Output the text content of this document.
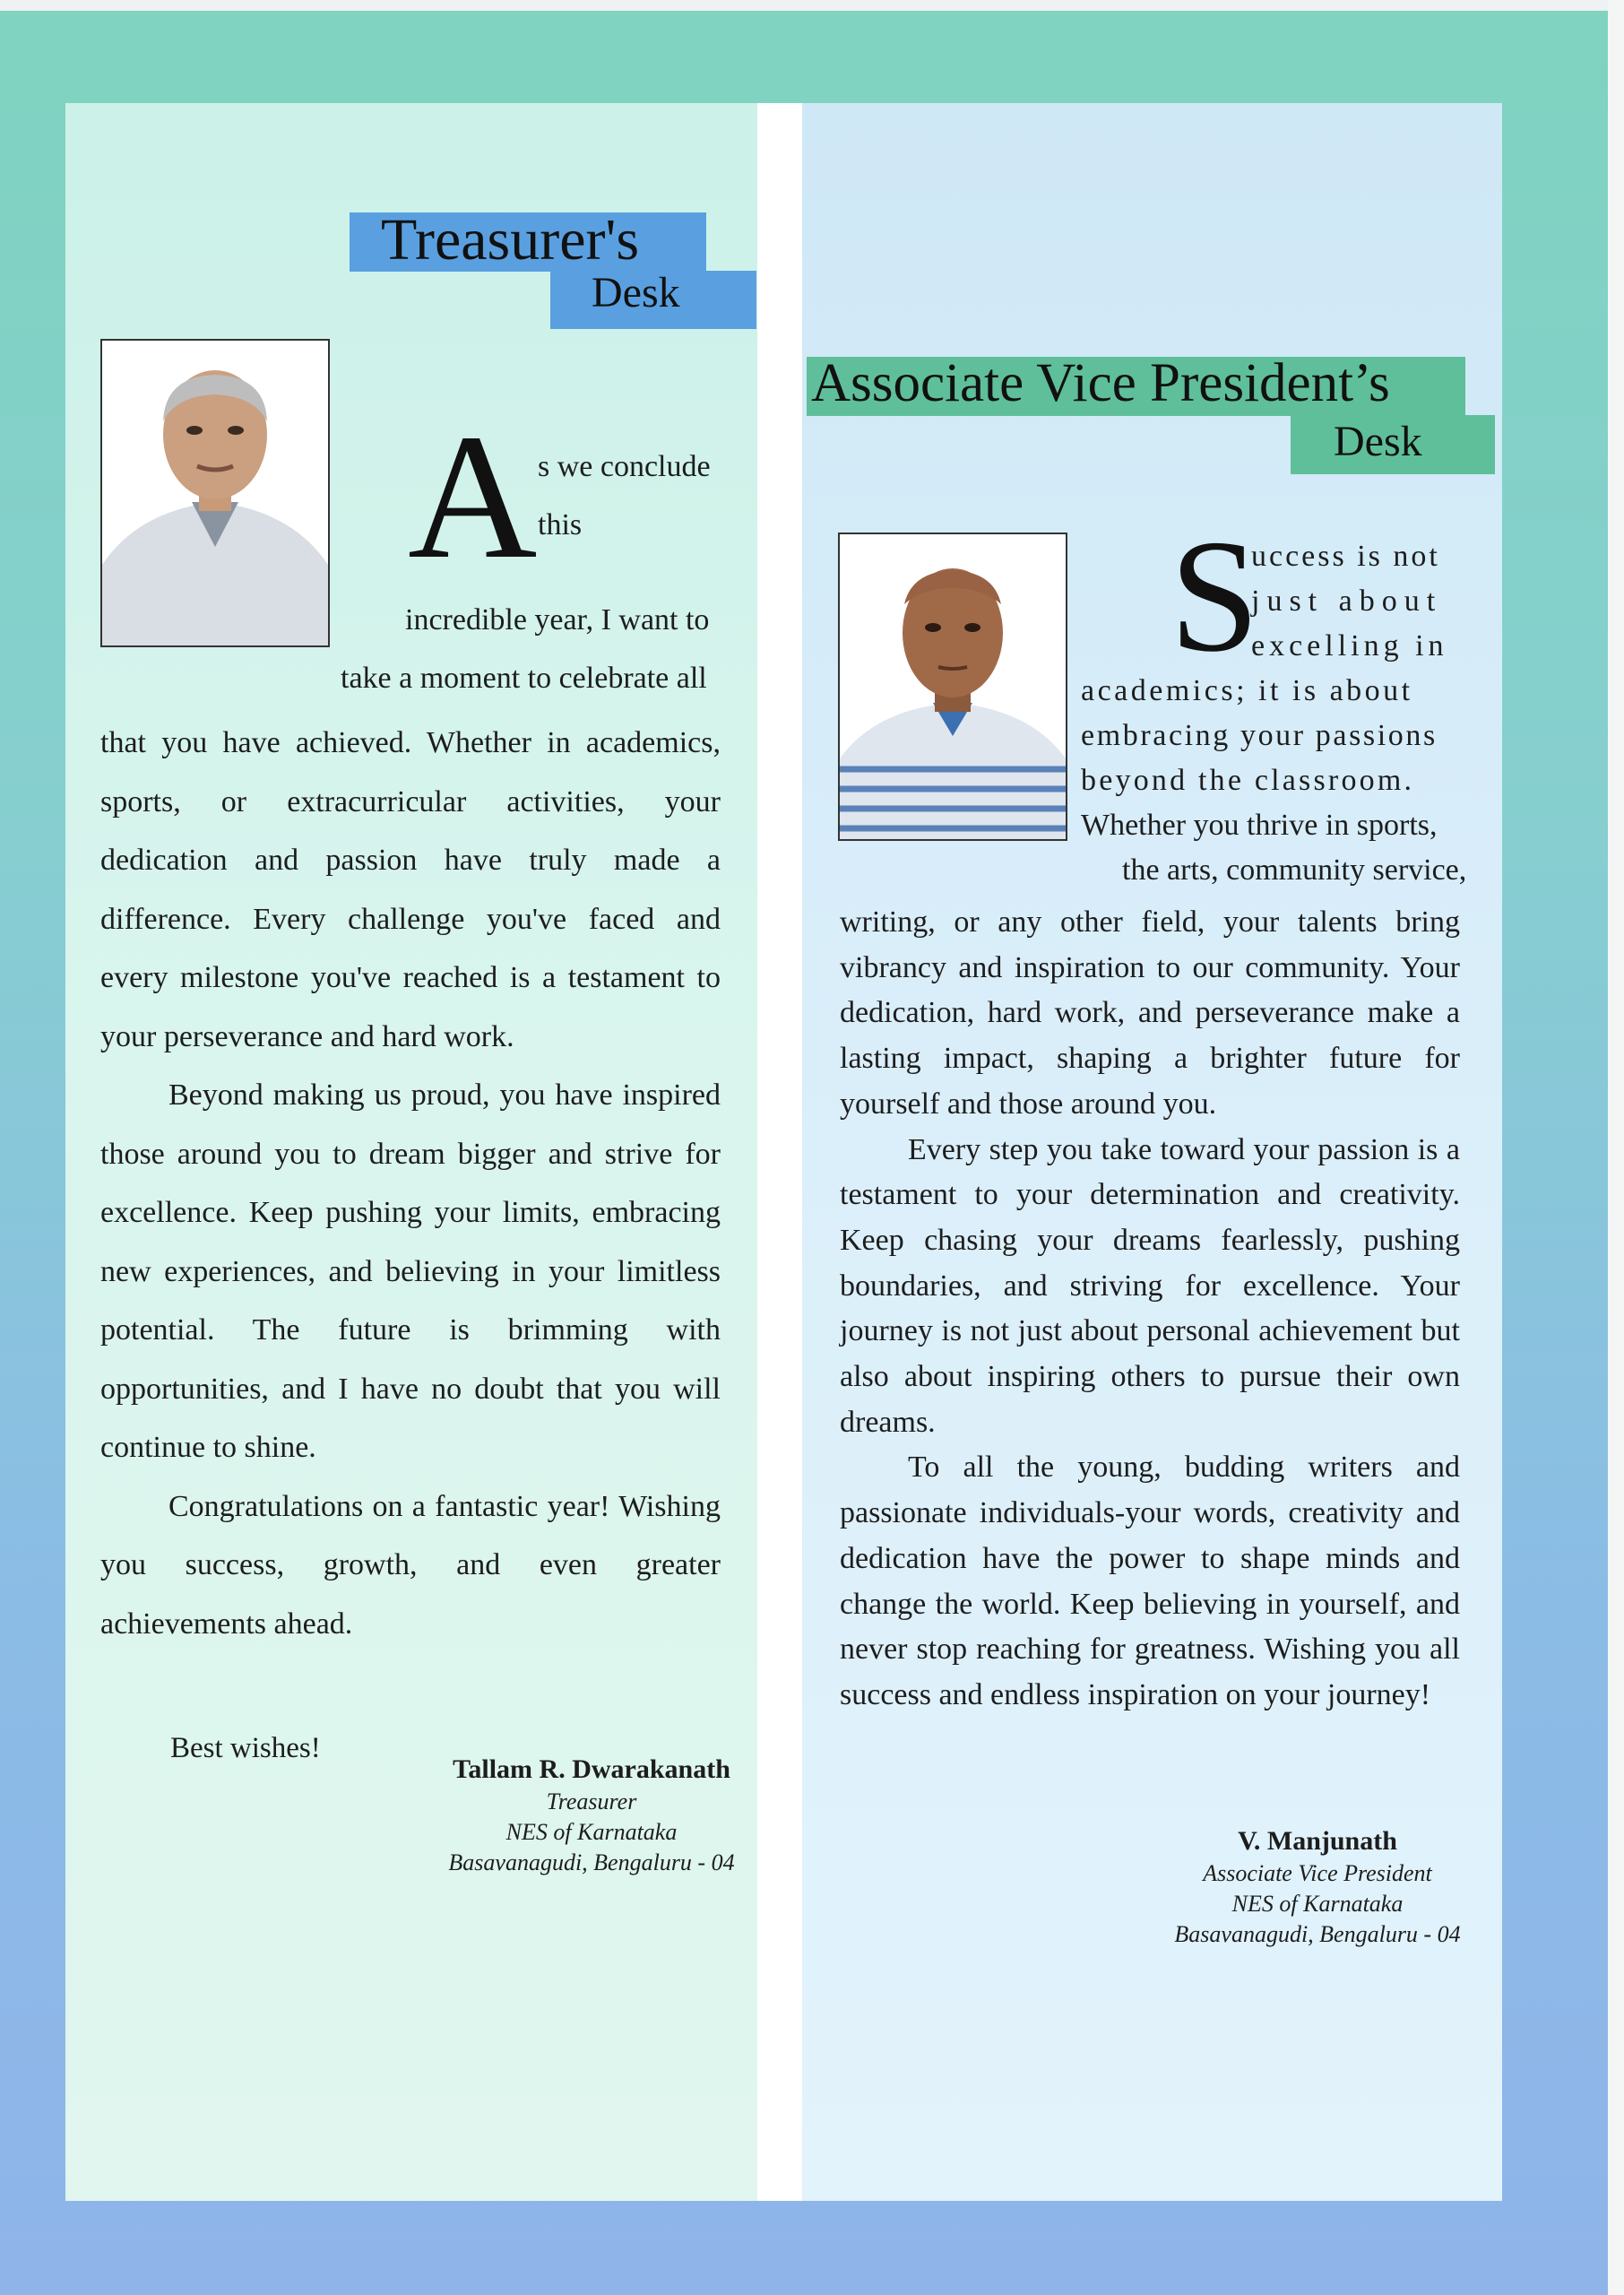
Treasurer's
Desk
A s we conclude
this
incredible year, I want to
take a moment to celebrate all

that you have achieved. Whether in academics, sports, or extracurricular activities, your dedication and passion have truly made a difference. Every challenge you've faced and every milestone you've reached is a testament to your perseverance and hard work.

Beyond making us proud, you have inspired those around you to dream bigger and strive for excellence. Keep pushing your limits, embracing new experiences, and believing in your limitless potential. The future is brimming with opportunities, and I have no doubt that you will continue to shine.

Congratulations on a fantastic year! Wishing you success, growth, and even greater achievements ahead.

Best wishes!
Tallam R. Dwarakanath
Treasurer
NES of Karnataka
Basavanagudi, Bengaluru - 04
Associate Vice President’s
Desk
S
uccess is not
just about
excelling in
academics; it is about
embracing your passions
beyond the classroom.
Whether you thrive in sports,
the arts, community service,

writing, or any other field, your talents bring vibrancy and inspiration to our community. Your dedication, hard work, and perseverance make a lasting impact, shaping a brighter future for yourself and those around you.

Every step you take toward your passion is a testament to your determination and creativity. Keep chasing your dreams fearlessly, pushing boundaries, and striving for excellence. Your journey is not just about personal achievement but also about inspiring others to pursue their own dreams.

To all the young, budding writers and passionate individuals-your words, creativity and dedication have the power to shape minds and change the world. Keep believing in yourself, and never stop reaching for greatness. Wishing you all success and endless inspiration on your journey!

V. Manjunath
Associate Vice President
NES of Karnataka
Basavanagudi, Bengaluru - 04
